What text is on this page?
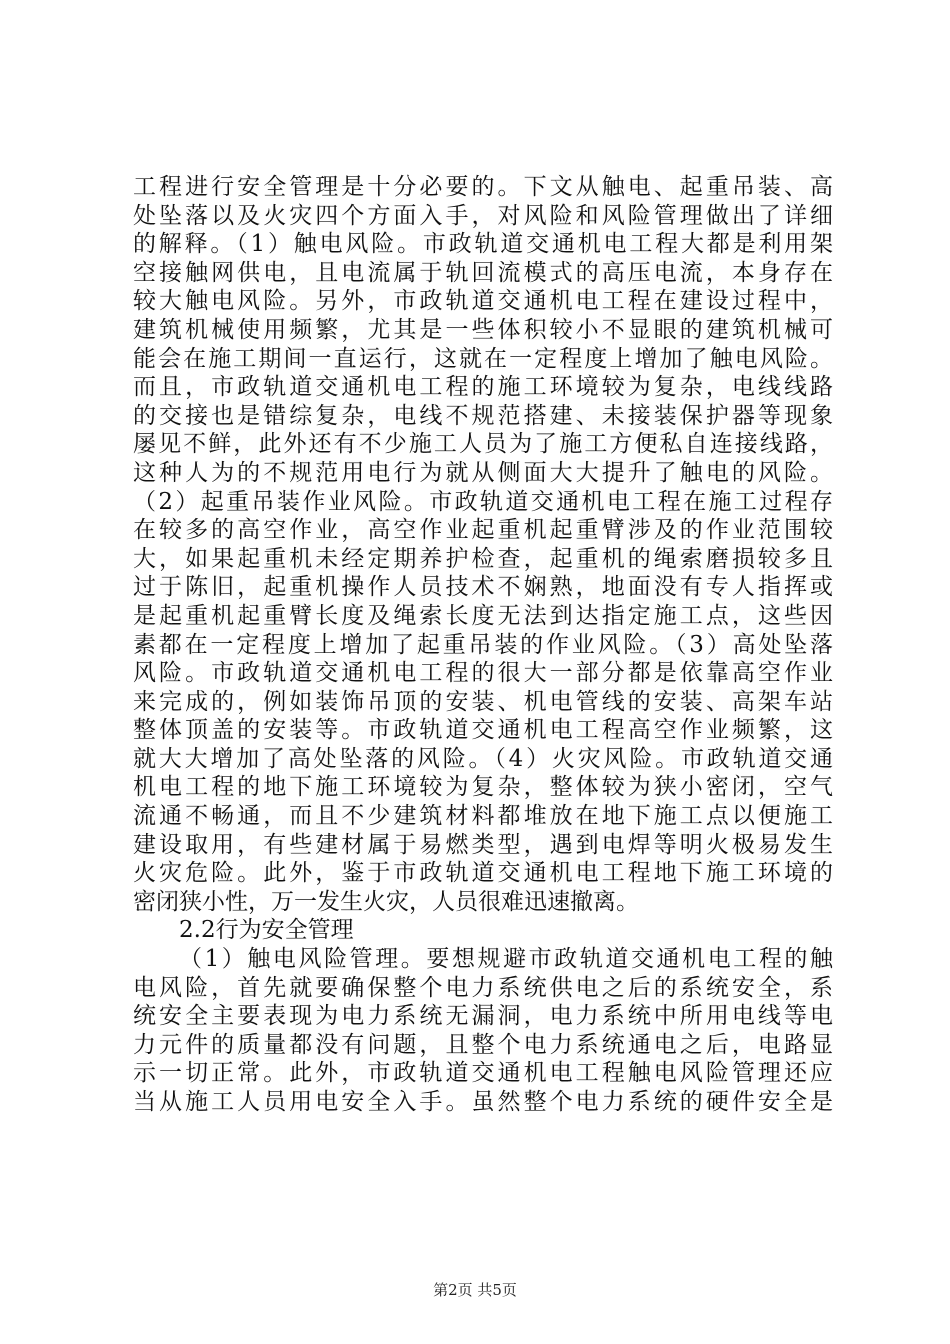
工程进行安全管理是十分必要的。下文从触电、起重吊装、高
处坠落以及火灾四个方面入手，对风险和风险管理做出了详细
的解释。（1）触电风险。市政轨道交通机电工程大都是利用架
空接触网供电，且电流属于轨回流模式的高压电流，本身存在
较大触电风险。另外，市政轨道交通机电工程在建设过程中，
建筑机械使用频繁，尤其是一些体积较小不显眼的建筑机械可
能会在施工期间一直运行，这就在一定程度上增加了触电风险。
而且，市政轨道交通机电工程的施工环境较为复杂，电线线路
的交接也是错综复杂，电线不规范搭建、未接装保护器等现象
屡见不鲜，此外还有不少施工人员为了施工方便私自连接线路，
这种人为的不规范用电行为就从侧面大大提升了触电的风险。
（2）起重吊装作业风险。市政轨道交通机电工程在施工过程存
在较多的高空作业，高空作业起重机起重臂涉及的作业范围较
大，如果起重机未经定期养护检查，起重机的绳索磨损较多且
过于陈旧，起重机操作人员技术不娴熟，地面没有专人指挥或
是起重机起重臂长度及绳索长度无法到达指定施工点，这些因
素都在一定程度上增加了起重吊装的作业风险。（3）高处坠落
风险。市政轨道交通机电工程的很大一部分都是依靠高空作业
来完成的，例如装饰吊顶的安装、机电管线的安装、高架车站
整体顶盖的安装等。市政轨道交通机电工程高空作业频繁，这
就大大增加了高处坠落的风险。（4）火灾风险。市政轨道交通
机电工程的地下施工环境较为复杂，整体较为狭小密闭，空气
流通不畅通，而且不少建筑材料都堆放在地下施工点以便施工
建设取用，有些建材属于易燃类型，遇到电焊等明火极易发生
火灾危险。此外，鉴于市政轨道交通机电工程地下施工环境的
密闭狭小性，万一发生火灾，人员很难迅速撤离。
2.2行为安全管理
（1）触电风险管理。要想规避市政轨道交通机电工程的触
电风险，首先就要确保整个电力系统供电之后的系统安全，系
统安全主要表现为电力系统无漏洞，电力系统中所用电线等电
力元件的质量都没有问题，且整个电力系统通电之后，电路显
示一切正常。此外，市政轨道交通机电工程触电风险管理还应
当从施工人员用电安全入手。虽然整个电力系统的硬件安全是
第2页 共5页
